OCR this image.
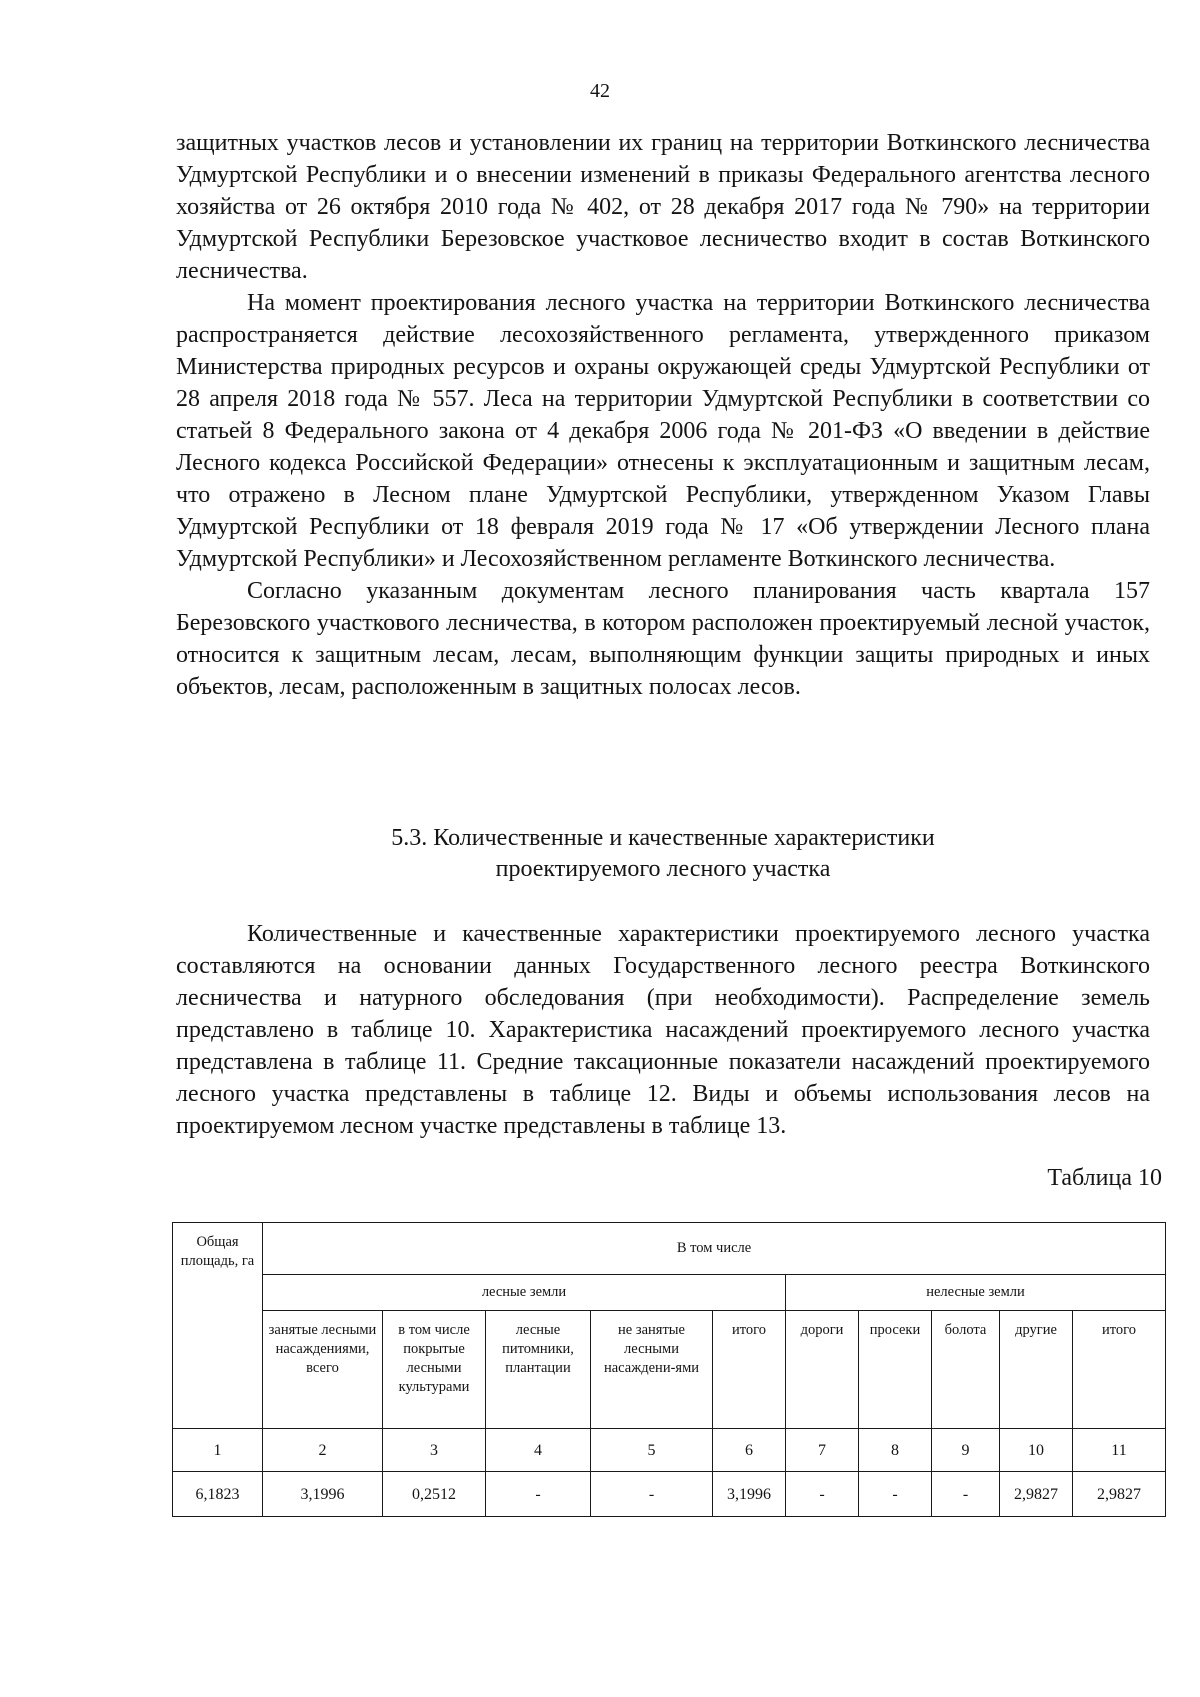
42

защитных участков лесов и установлении их границ на территории Воткинского лесничества Удмуртской Республики и о внесении изменений в приказы Федерального агентства лесного хозяйства от 26 октября 2010 года № 402, от 28 декабря 2017 года № 790» на территории Удмуртской Республики Березовское участковое лесничество входит в состав Воткинского лесничества.

На момент проектирования лесного участка на территории Воткинского лесничества распространяется действие лесохозяйственного регламента, утвержденного приказом Министерства природных ресурсов и охраны окружающей среды Удмуртской Республики от 28 апреля 2018 года № 557. Леса на территории Удмуртской Республики в соответствии со статьей 8 Федерального закона от 4 декабря 2006 года № 201-ФЗ «О введении в действие Лесного кодекса Российской Федерации» отнесены к эксплуатационным и защитным лесам, что отражено в Лесном плане Удмуртской Республики, утвержденном Указом Главы Удмуртской Республики от 18 февраля 2019 года № 17 «Об утверждении Лесного плана Удмуртской Республики» и Лесохозяйственном регламенте Воткинского лесничества.

Согласно указанным документам лесного планирования часть квартала 157 Березовского участкового лесничества, в котором расположен проектируемый лесной участок, относится к защитным лесам, лесам, выполняющим функции защиты природных и иных объектов, лесам, расположенным в защитных полосах лесов.

5.3. Количественные и качественные характеристики
проектируемого лесного участка

Количественные и качественные характеристики проектируемого лесного участка составляются на основании данных Государственного лесного реестра Воткинского лесничества и натурного обследования (при необходимости). Распределение земель представлено в таблице 10. Характеристика насаждений проектируемого лесного участка представлена в таблице 11. Средние таксационные показатели насаждений проектируемого лесного участка представлены в таблице 12. Виды и объемы использования лесов на проектируемом лесном участке представлены в таблице 13.

Таблица 10
Общая площадь, га	В том числе									
	лесные земли					нелесные земли				
	занятые лесными насаждениями, всего	в том числе покрытые лесными культурами	лесные питомники, плантации	не занятые лесными насаждени-ями	итого	дороги	просеки	болота	другие	итого
1	2	3	4	5	6	7	8	9	10	11
6,1823	3,1996	0,2512	-	-	3,1996	-	-	-	2,9827	2,9827
